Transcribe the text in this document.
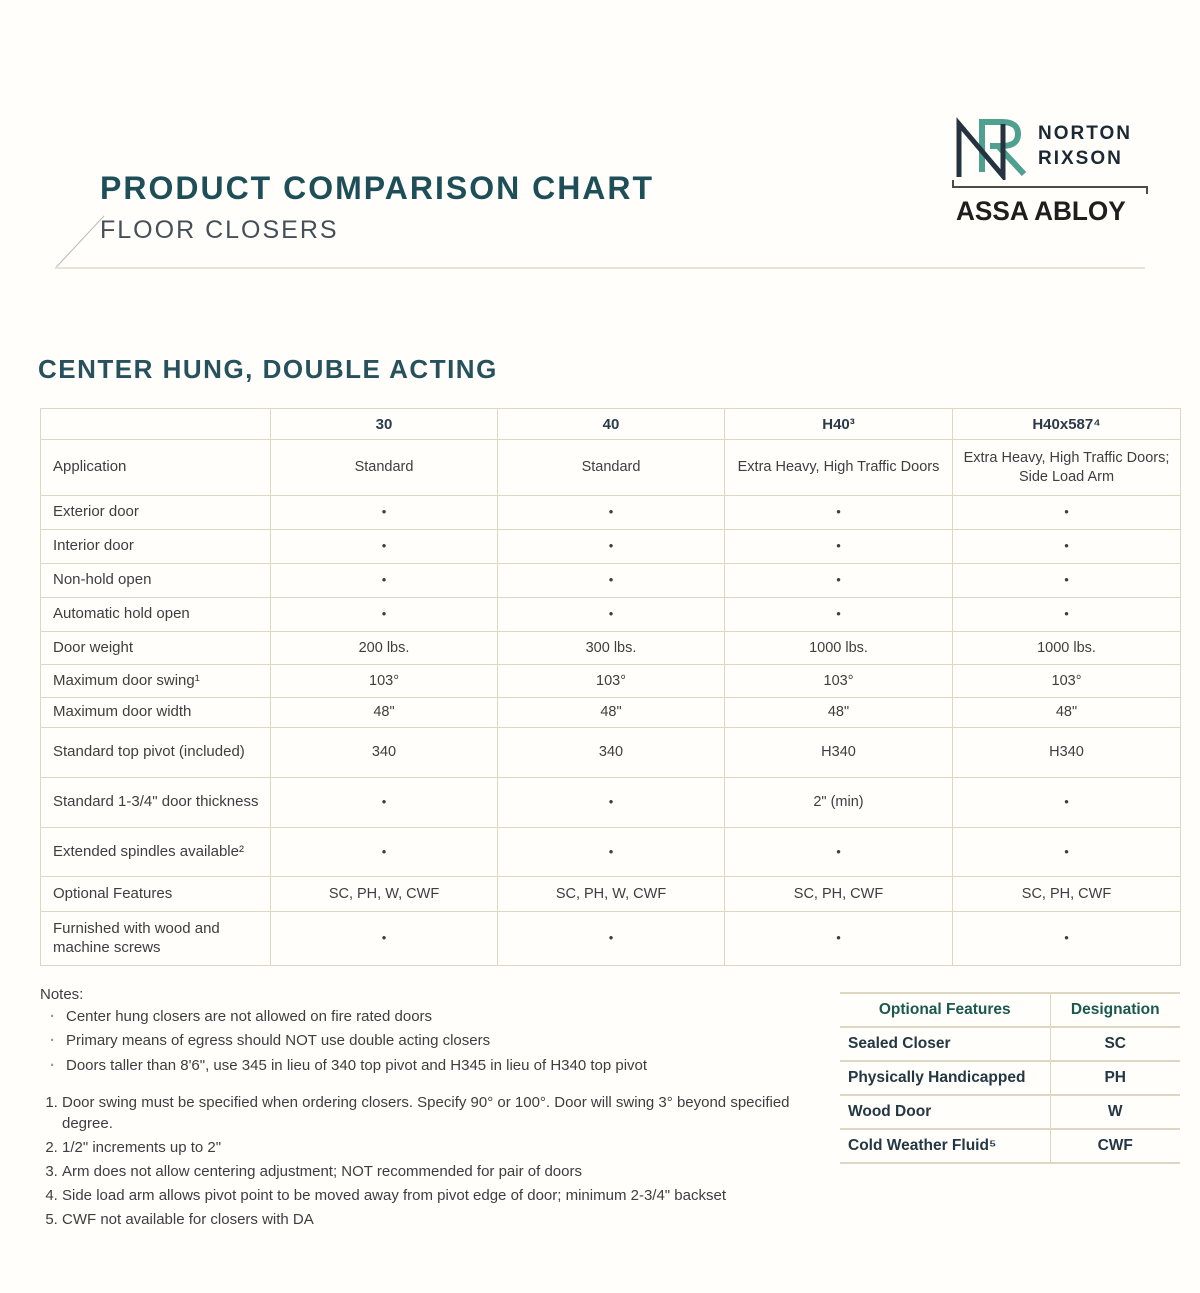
PRODUCT COMPARISON CHART
FLOOR CLOSERS
NORTON
RIXSON
ASSA ABLOY
CENTER HUNG, DOUBLE ACTING
	30	40	H40³	H40x587⁴
Application	Standard	Standard	Extra Heavy, High Traffic Doors	Extra Heavy, High Traffic Doors; Side Load Arm
Exterior door	•	•	•	•
Interior door	•	•	•	•
Non-hold open	•	•	•	•
Automatic hold open	•	•	•	•
Door weight	200 lbs.	300 lbs.	1000 lbs.	1000 lbs.
Maximum door swing¹	103°	103°	103°	103°
Maximum door width	48"	48"	48"	48"
Standard top pivot (included)	340	340	H340	H340
Standard 1-3/4" door thickness	•	•	2" (min)	•
Extended spindles available²	•	•	•	•
Optional Features	SC, PH, W, CWF	SC, PH, W, CWF	SC, PH, CWF	SC, PH, CWF
Furnished with wood and machine screws	•	•	•	•

Notes:

· Center hung closers are not allowed on fire rated doors
· Primary means of egress should NOT use double acting closers
· Doors taller than 8'6", use 345 in lieu of 340 top pivot and H345 in lieu of H340 top pivot
1. Door swing must be specified when ordering closers. Specify 90° or 100°. Door will swing 3° beyond specified degree.
2. 1/2" increments up to 2"
3. Arm does not allow centering adjustment; NOT recommended for pair of doors
4. Side load arm allows pivot point to be moved away from pivot edge of door; minimum 2-3/4" backset
5. CWF not available for closers with DA
Optional Features	Designation
Sealed Closer	SC
Physically Handicapped	PH
Wood Door	W
Cold Weather Fluid⁵	CWF
